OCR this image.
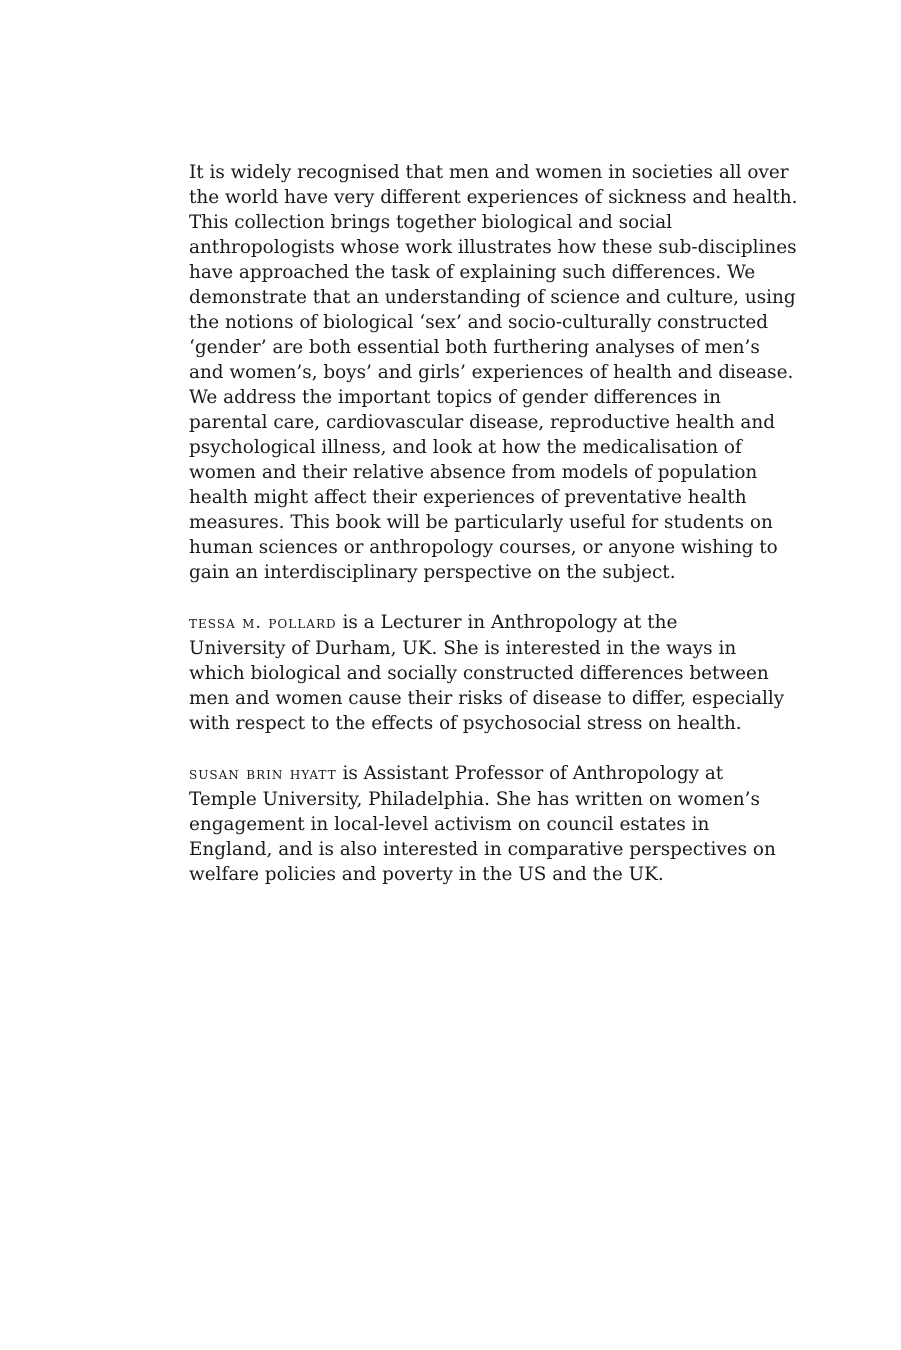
It is widely recognised that men and women in societies all over
the world have very different experiences of sickness and health.
This collection brings together biological and social
anthropologists whose work illustrates how these sub-disciplines
have approached the task of explaining such differences. We
demonstrate that an understanding of science and culture, using
the notions of biological ‘sex’ and socio-culturally constructed
‘gender’ are both essential both furthering analyses of men’s
and women’s, boys’ and girls’ experiences of health and disease.
We address the important topics of gender differences in
parental care, cardiovascular disease, reproductive health and
psychological illness, and look at how the medicalisation of
women and their relative absence from models of population
health might affect their experiences of preventative health
measures. This book will be particularly useful for students on
human sciences or anthropology courses, or anyone wishing to
gain an interdisciplinary perspective on the subject.
tessa m. pollard is a Lecturer in Anthropology at the
University of Durham, UK. She is interested in the ways in
which biological and socially constructed differences between
men and women cause their risks of disease to differ, especially
with respect to the effects of psychosocial stress on health.
susan brin hyatt is Assistant Professor of Anthropology at
Temple University, Philadelphia. She has written on women’s
engagement in local-level activism on council estates in
England, and is also interested in comparative perspectives on
welfare policies and poverty in the US and the UK.
